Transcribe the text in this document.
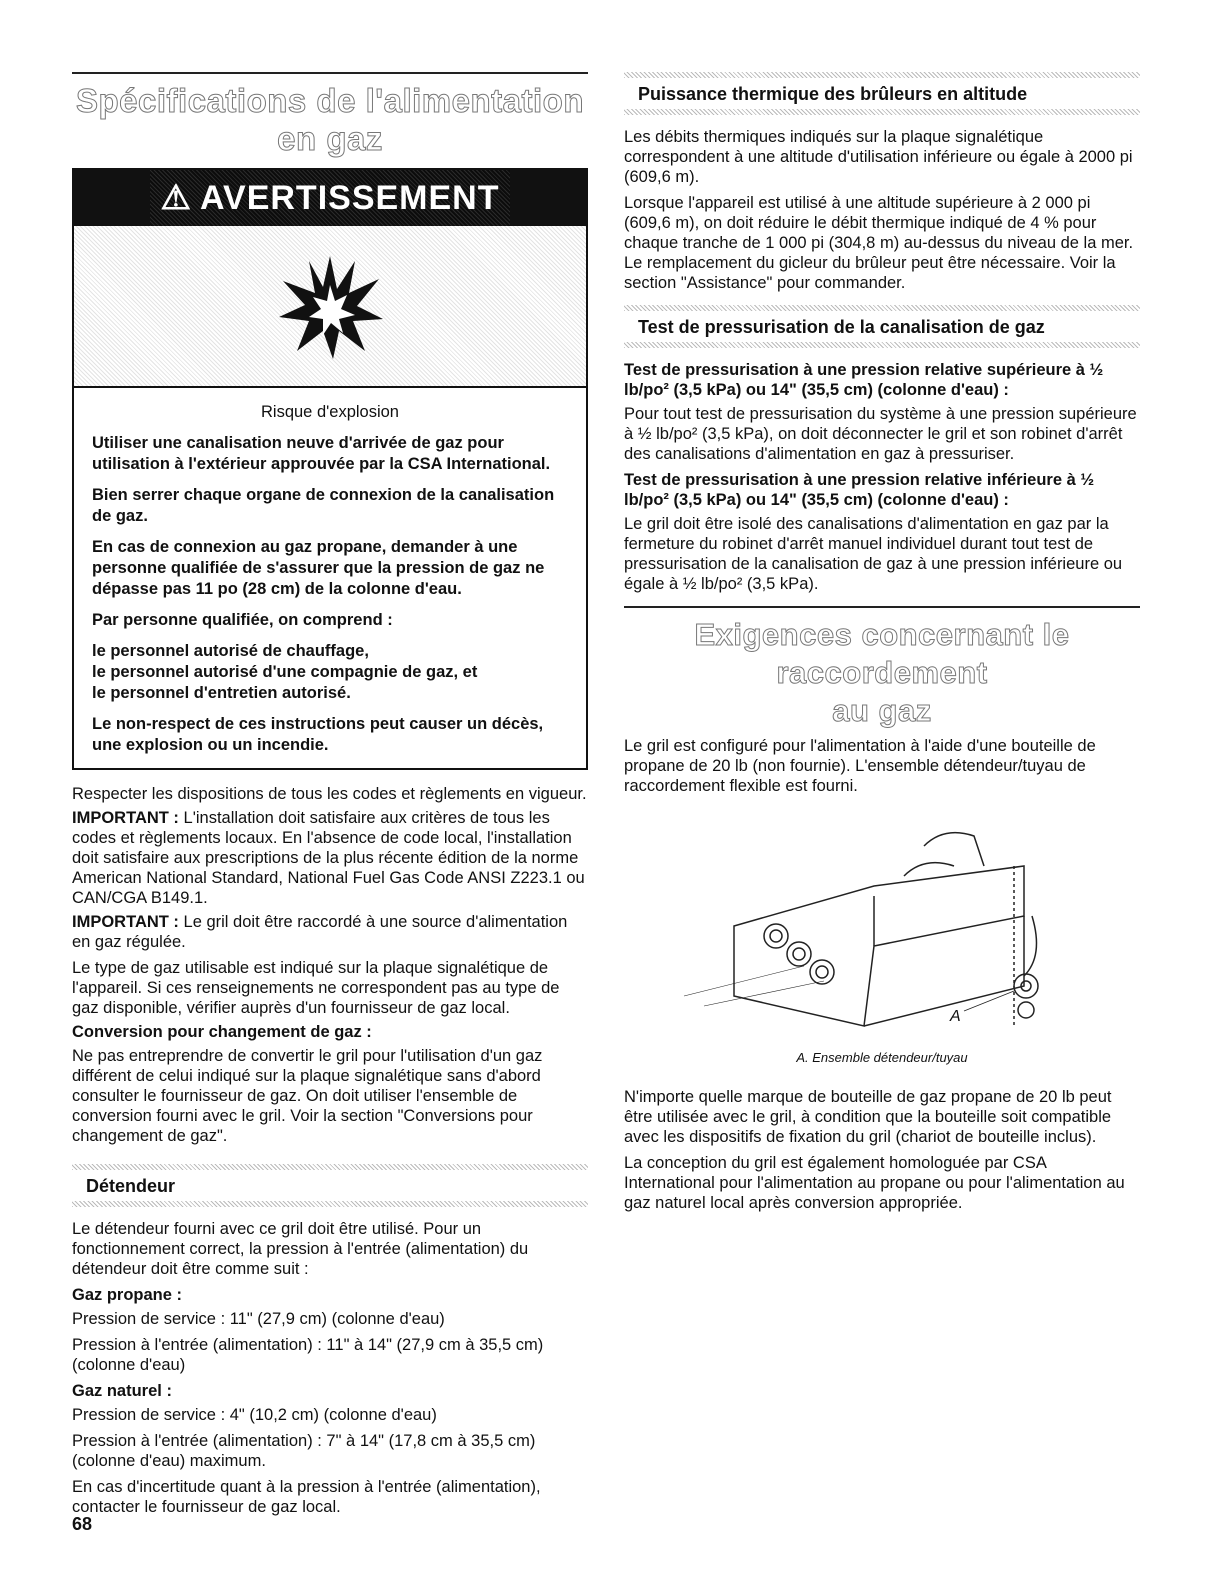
Spécifications de l'alimentation en gaz
⚠ AVERTISSEMENT

Risque d'explosion

Utiliser une canalisation neuve d'arrivée de gaz pour utilisation à l'extérieur approuvée par la CSA International.

Bien serrer chaque organe de connexion de la canalisation de gaz.

En cas de connexion au gaz propane, demander à une personne qualifiée de s'assurer que la pression de gaz ne dépasse pas 11 po (28 cm) de la colonne d'eau.

Par personne qualifiée, on comprend :

le personnel autorisé de chauffage,

le personnel autorisé d'une compagnie de gaz, et

le personnel d'entretien autorisé.

Le non-respect de ces instructions peut causer un décès, une explosion ou un incendie.

Respecter les dispositions de tous les codes et règlements en vigueur.

IMPORTANT : L'installation doit satisfaire aux critères de tous les codes et règlements locaux. En l'absence de code local, l'installation doit satisfaire aux prescriptions de la plus récente édition de la norme American National Standard, National Fuel Gas Code ANSI Z223.1 ou CAN/CGA B149.1.

IMPORTANT : Le gril doit être raccordé à une source d'alimentation en gaz régulée.

Le type de gaz utilisable est indiqué sur la plaque signalétique de l'appareil. Si ces renseignements ne correspondent pas au type de gaz disponible, vérifier auprès d'un fournisseur de gaz local.

Conversion pour changement de gaz :

Ne pas entreprendre de convertir le gril pour l'utilisation d'un gaz différent de celui indiqué sur la plaque signalétique sans d'abord consulter le fournisseur de gaz. On doit utiliser l'ensemble de conversion fourni avec le gril. Voir la section "Conversions pour changement de gaz".

Détendeur

Le détendeur fourni avec ce gril doit être utilisé. Pour un fonctionnement correct, la pression à l'entrée (alimentation) du détendeur doit être comme suit :

Gaz propane :

Pression de service : 11" (27,9 cm) (colonne d'eau)

Pression à l'entrée (alimentation) : 11" à 14" (27,9 cm à 35,5 cm) (colonne d'eau)

Gaz naturel :

Pression de service : 4" (10,2 cm) (colonne d'eau)

Pression à l'entrée (alimentation) : 7" à 14" (17,8 cm à 35,5 cm) (colonne d'eau) maximum.

En cas d'incertitude quant à la pression à l'entrée (alimentation), contacter le fournisseur de gaz local.

Puissance thermique des brûleurs en altitude

Les débits thermiques indiqués sur la plaque signalétique correspondent à une altitude d'utilisation inférieure ou égale à 2000 pi (609,6 m).

Lorsque l'appareil est utilisé à une altitude supérieure à 2 000 pi (609,6 m), on doit réduire le débit thermique indiqué de 4 % pour chaque tranche de 1 000 pi (304,8 m) au-dessus du niveau de la mer. Le remplacement du gicleur du brûleur peut être nécessaire. Voir la section "Assistance" pour commander.

Test de pressurisation de la canalisation de gaz

Test de pressurisation à une pression relative supérieure à ½ lb/po² (3,5 kPa) ou 14" (35,5 cm) (colonne d'eau) :

Pour tout test de pressurisation du système à une pression supérieure à ½ lb/po² (3,5 kPa), on doit déconnecter le gril et son robinet d'arrêt des canalisations d'alimentation en gaz à pressuriser.

Test de pressurisation à une pression relative inférieure à ½ lb/po² (3,5 kPa) ou 14" (35,5 cm) (colonne d'eau) :

Le gril doit être isolé des canalisations d'alimentation en gaz par la fermeture du robinet d'arrêt manuel individuel durant tout test de pressurisation de la canalisation de gaz à une pression inférieure ou égale à ½ lb/po² (3,5 kPa).

Exigences concernant le raccordement
au gaz

Le gril est configuré pour l'alimentation à l'aide d'une bouteille de propane de 20 lb (non fournie). L'ensemble détendeur/tuyau de raccordement flexible est fourni.

A
A. Ensemble détendeur/tuyau

N'importe quelle marque de bouteille de gaz propane de 20 lb peut être utilisée avec le gril, à condition que la bouteille soit compatible avec les dispositifs de fixation du gril (chariot de bouteille inclus).

La conception du gril est également homologuée par CSA International pour l'alimentation au propane ou pour l'alimentation au gaz naturel local après conversion appropriée.

68
